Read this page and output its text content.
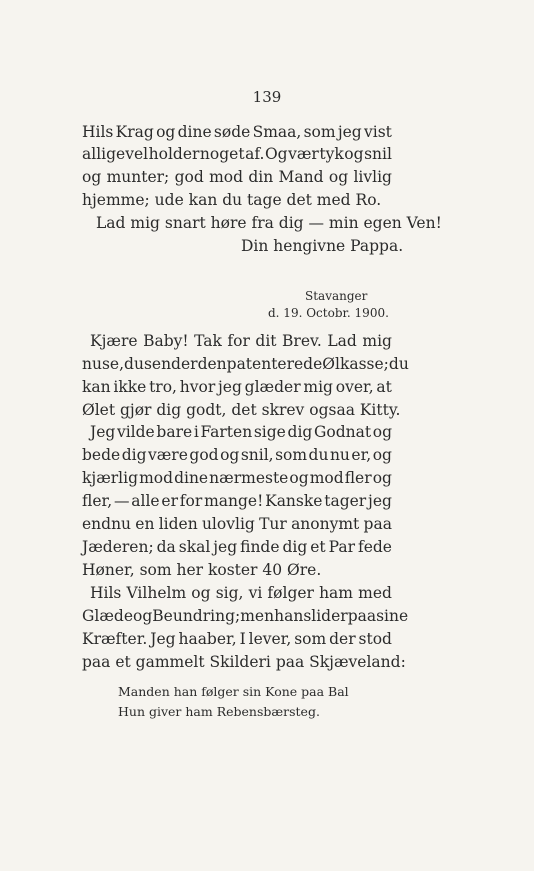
139
Hils Krag og dine søde Smaa, som jeg vist
alligevel holder noget af. Og vær tyk og snil
og munter; god mod din Mand og livlig
hjemme; ude kan du tage det med Ro.
Lad mig snart høre fra dig — min egen Ven!
Din hengivne Pappa.
Stavanger
d. 19. Octobr. 1900.
Kjære Baby! Tak for dit Brev. Lad mig
nu se, du sender den patenterede Ølkasse; du
kan ikke tro, hvor jeg glæder mig over, at
Ølet gjør dig godt, det skrev ogsaa Kitty.
Jeg vilde bare i Farten sige dig Godnat og
bede dig være god og snil, som du nu er, og
kjærlig mod dine nærmeste og mod fler og
fler, — alle er for mange! Kanske tager jeg
endnu en liden ulovlig Tur anonymt paa
Jæderen; da skal jeg finde dig et Par fede
Høner, som her koster 40 Øre.
Hils Vilhelm og sig, vi følger ham med
Glæde og Beundring; men han slider paa sine
Kræfter. Jeg haaber, I lever, som der stod
paa et gammelt Skilderi paa Skjæveland:
Manden han følger sin Kone paa Bal
Hun giver ham Rebensbærsteg.
